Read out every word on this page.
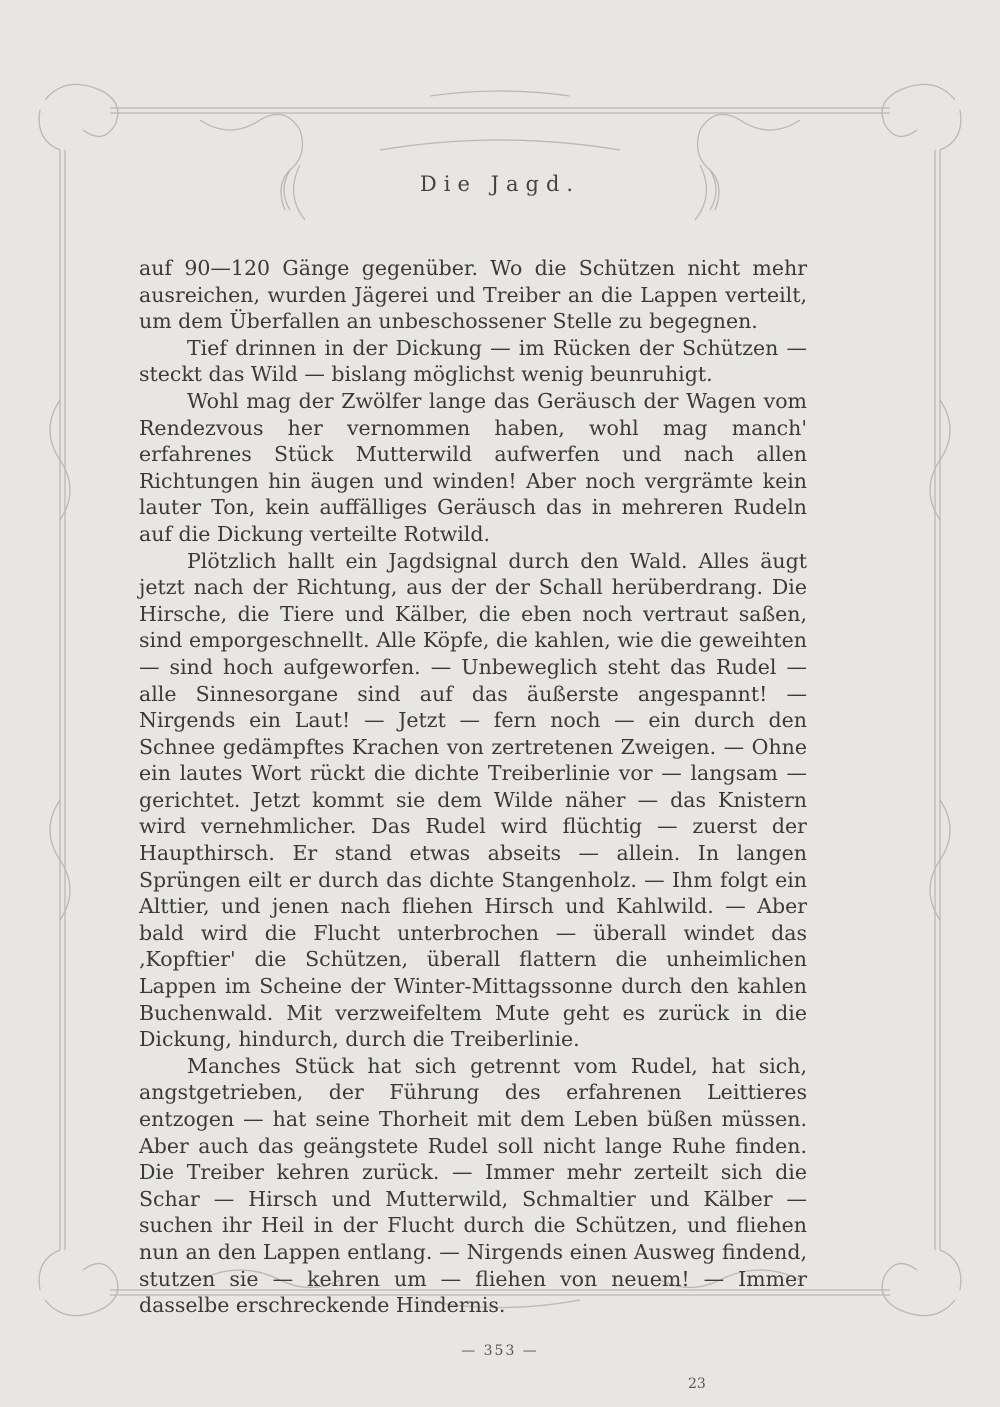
Die Jagd.

auf 90—120 Gänge gegenüber. Wo die Schützen nicht mehr ausreichen, wurden Jägerei und Treiber an die Lappen verteilt, um dem Überfallen an unbeschossener Stelle zu begegnen.

Tief drinnen in der Dickung — im Rücken der Schützen — steckt das Wild — bislang möglichst wenig beunruhigt.

Wohl mag der Zwölfer lange das Geräusch der Wagen vom Rendezvous her vernommen haben, wohl mag manch' erfahrenes Stück Mutterwild aufwerfen und nach allen Richtungen hin äugen und winden! Aber noch vergrämte kein lauter Ton, kein auffälliges Geräusch das in mehreren Rudeln auf die Dickung verteilte Rotwild.

Plötzlich hallt ein Jagdsignal durch den Wald. Alles äugt jetzt nach der Richtung, aus der der Schall herüberdrang. Die Hirsche, die Tiere und Kälber, die eben noch vertraut saßen, sind emporgeschnellt. Alle Köpfe, die kahlen, wie die geweihten — sind hoch aufgeworfen. — Unbeweglich steht das Rudel — alle Sinnesorgane sind auf das äußerste angespannt! — Nirgends ein Laut! — Jetzt — fern noch — ein durch den Schnee gedämpftes Krachen von zertretenen Zweigen. — Ohne ein lautes Wort rückt die dichte Treiberlinie vor — langsam — gerichtet. Jetzt kommt sie dem Wilde näher — das Knistern wird vernehmlicher. Das Rudel wird flüchtig — zuerst der Haupthirsch. Er stand etwas abseits — allein. In langen Sprüngen eilt er durch das dichte Stangenholz. — Ihm folgt ein Alttier, und jenen nach fliehen Hirsch und Kahlwild. — Aber bald wird die Flucht unterbrochen — überall windet das ‚Kopftier' die Schützen, überall flattern die unheimlichen Lappen im Scheine der Winter-Mittagssonne durch den kahlen Buchenwald. Mit verzweifeltem Mute geht es zurück in die Dickung, hindurch, durch die Treiberlinie.

Manches Stück hat sich getrennt vom Rudel, hat sich, angstgetrieben, der Führung des erfahrenen Leittieres entzogen — hat seine Thorheit mit dem Leben büßen müssen. Aber auch das geängstete Rudel soll nicht lange Ruhe finden. Die Treiber kehren zurück. — Immer mehr zerteilt sich die Schar — Hirsch und Mutterwild, Schmaltier und Kälber — suchen ihr Heil in der Flucht durch die Schützen, und fliehen nun an den Lappen entlang. — Nirgends einen Ausweg findend, stutzen sie — kehren um — fliehen von neuem! — Immer dasselbe erschreckende Hindernis.

— 353 —
23
